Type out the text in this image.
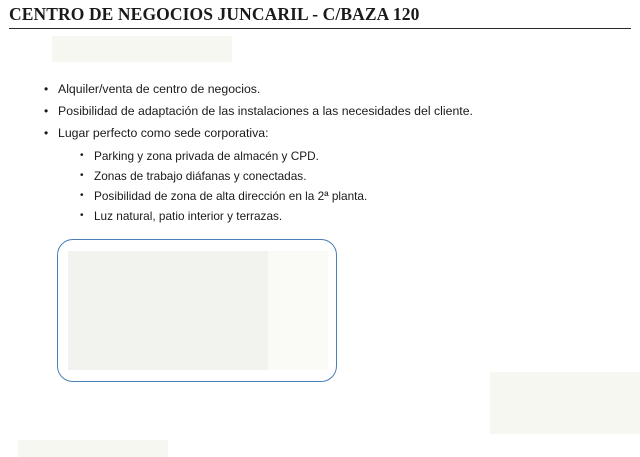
CENTRO DE NEGOCIOS JUNCARIL - C/BAZA 120
• Alquiler/venta de centro de negocios.
• Posibilidad de adaptación de las instalaciones a las necesidades del cliente.
• Lugar perfecto como sede corporativa:
• Parking y zona privada de almacén y CPD.
• Zonas de trabajo diáfanas y conectadas.
• Posibilidad de zona de alta dirección en la 2ª planta.
• Luz natural, patio interior y terrazas.
